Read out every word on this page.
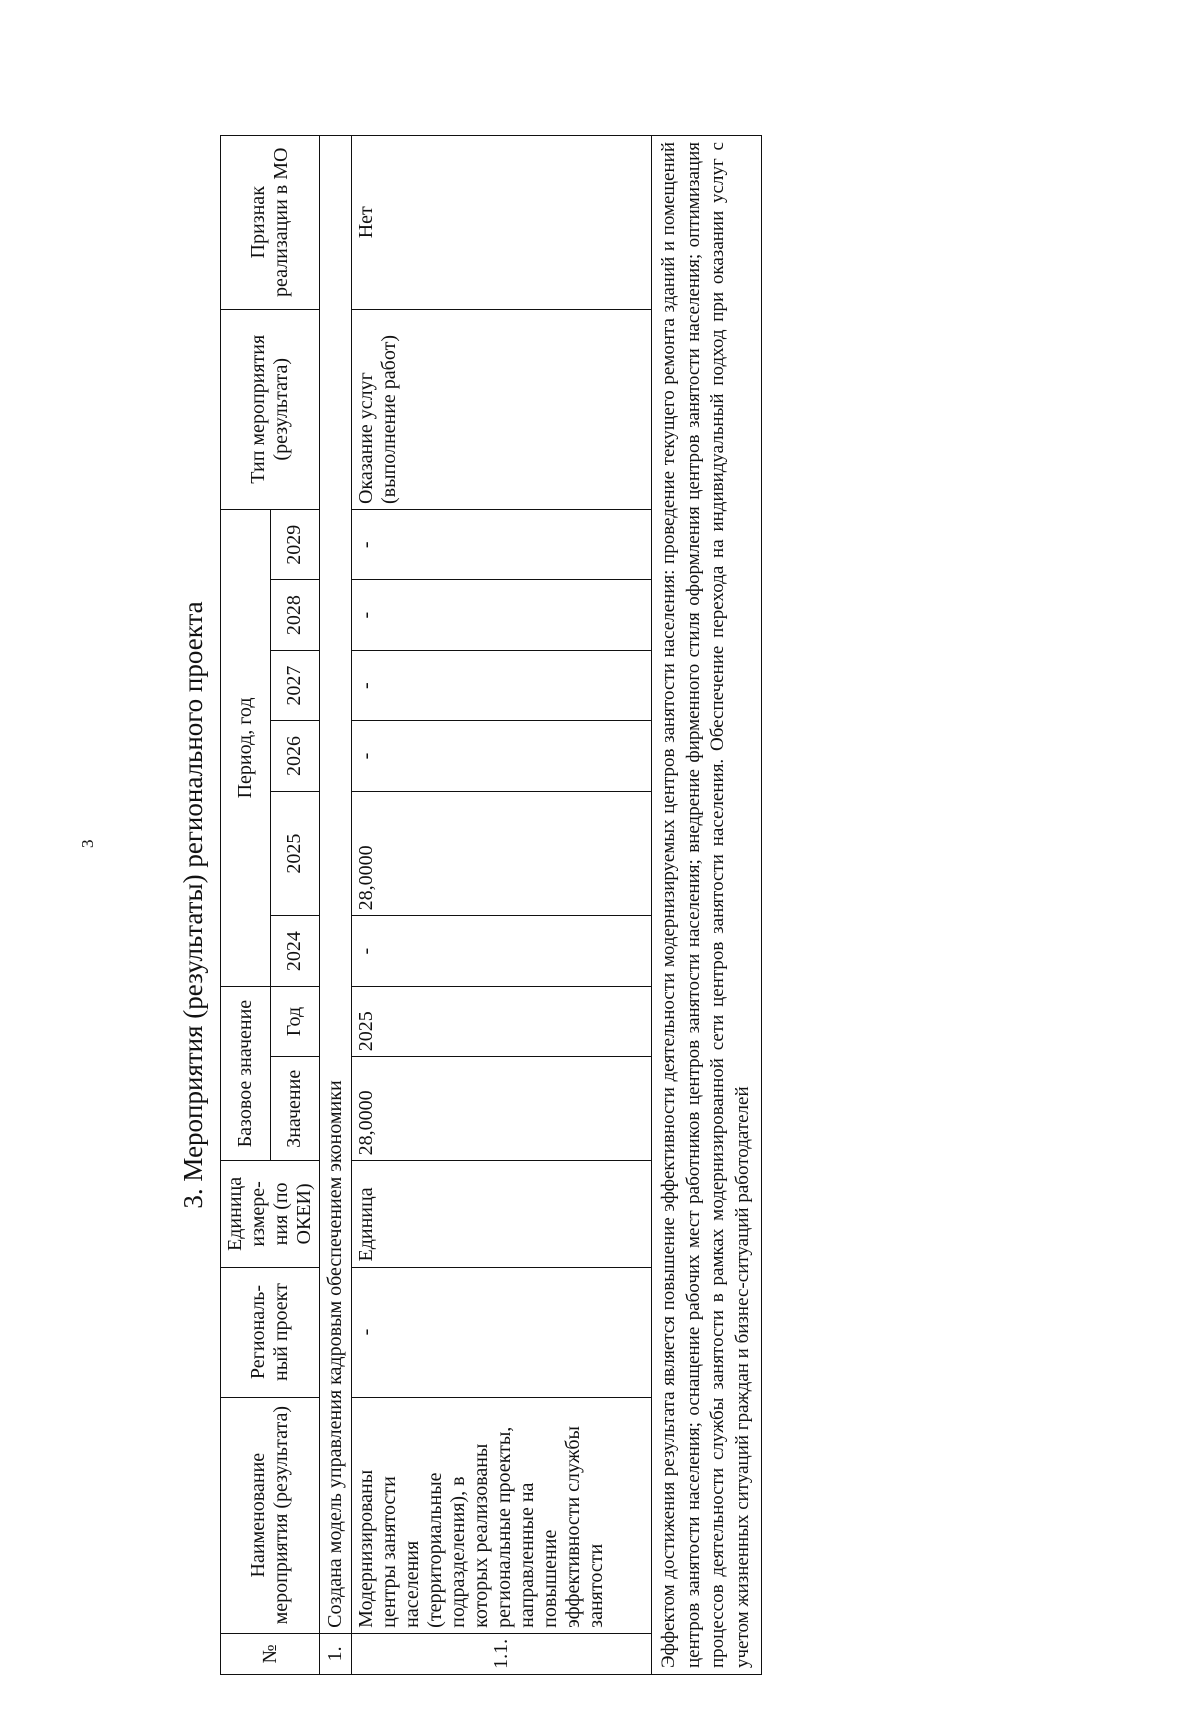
3	3. Мероприятия (результаты) регионального проекта
№	Наименование мероприятия (результата)	Региональ-ный проект	Единица измере-ния (по ОКЕИ)	Базовое значение		Период, год						Тип мероприятия (результата)	Признак реализации в МО
				Значение	Год	2024	2025	2026	2027	2028	2029		
1.	Создана модель управления кадровым обеспечением экономики												
1.1.	Модернизированы центры занятости населения (территориальные подразделения), в которых реализованы региональные проекты, направленные на повышение эффективности службы занятости	-	Единица	28,0000	2025	-	28,0000	-	-	-	-	Оказание услуг (выполнение работ)	Нет
Эффектом достижения результата является повышение эффективности деятельности модернизируемых центров занятости населения: проведение текущего ремонта зданий и помещений центров занятости населения; оснащение рабочих мест работников центров занятости населения; внедрение фирменного стиля оформления центров занятости населения; оптимизация процессов деятельности службы занятости в рамках модернизированной сети центров занятости населения. Обеспечение перехода на индивидуальный подход при оказании услуг с учетом жизненных ситуаций граждан и бизнес-ситуаций работодателей													
